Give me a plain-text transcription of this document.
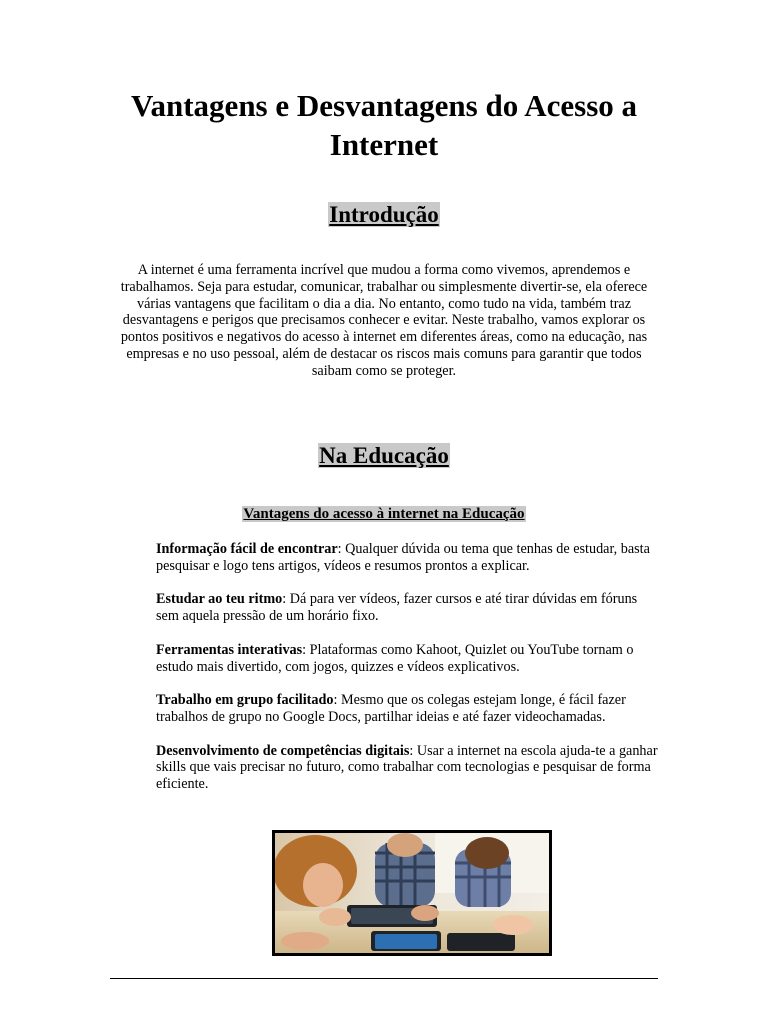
Vantagens e Desvantagens do Acesso a Internet
Introdução

A internet é uma ferramenta incrível que mudou a forma como vivemos, aprendemos e trabalhamos. Seja para estudar, comunicar, trabalhar ou simplesmente divertir-se, ela oferece várias vantagens que facilitam o dia a dia. No entanto, como tudo na vida, também traz desvantagens e perigos que precisamos conhecer e evitar. Neste trabalho, vamos explorar os pontos positivos e negativos do acesso à internet em diferentes áreas, como na educação, nas empresas e no uso pessoal, além de destacar os riscos mais comuns para garantir que todos saibam como se proteger.

Na Educação
Vantagens do acesso à internet na Educação
Informação fácil de encontrar: Qualquer dúvida ou tema que tenhas de estudar, basta pesquisar e logo tens artigos, vídeos e resumos prontos a explicar.
Estudar ao teu ritmo: Dá para ver vídeos, fazer cursos e até tirar dúvidas em fóruns sem aquela pressão de um horário fixo.
Ferramentas interativas: Plataformas como Kahoot, Quizlet ou YouTube tornam o estudo mais divertido, com jogos, quizzes e vídeos explicativos.
Trabalho em grupo facilitado: Mesmo que os colegas estejam longe, é fácil fazer trabalhos de grupo no Google Docs, partilhar ideias e até fazer videochamadas.
Desenvolvimento de competências digitais: Usar a internet na escola ajuda-te a ganhar skills que vais precisar no futuro, como trabalhar com tecnologias e pesquisar de forma eficiente.
